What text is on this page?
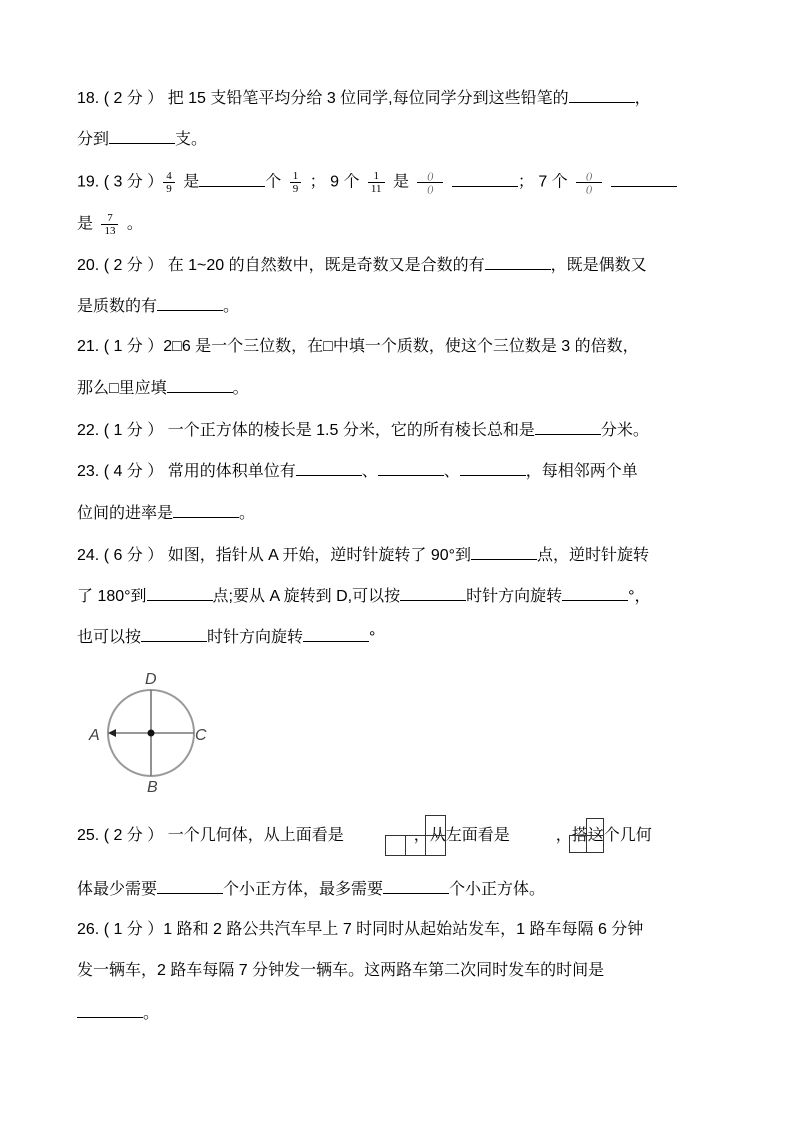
18. ( 2 分 ） 把 15 支铅笔平均分给 3 位同学,每位同学分到这些铅笔的	，
分到	支。
19. ( 3 分 ） $\frac{4}{9}$ 是	个 $\frac{1}{9}$ ； 9 个 $\frac{1}{11}$ 是 $\frac{()}{()}$	； 7 个 $\frac{()}{()}$

是 $\frac{7}{13}$ 。
20. ( 2 分 ） 在 1~20 的自然数中，既是奇数又是合数的有	，既是偶数又
是质数的有	。
21. ( 1 分 ）2□6 是一个三位数，在□中填一个质数，使这个三位数是 3 的倍数，
那么□里应填	。
22. ( 1 分 ） 一个正方体的棱长是 1.5 分米，它的所有棱长总和是	分米。
23. ( 4 分 ） 常用的体积单位有	、	、	，每相邻两个单
位间的进率是	。
24. ( 6 分 ） 如图，指针从 A 开始，逆时针旋转了 90°到	点，逆时针旋转
了 180°到	点;要从 A 旋转到 D,可以按	时针方向旋转	°，
也可以按	时针方向旋转	°
D
A	C
B
25. ( 2 分 ） 一个几何体，从上面看是	，从左面看是	，搭这个几何
体最少需要	个小正方体，最多需要	个小正方体。
26. ( 1 分 ）1 路和 2 路公共汽车早上 7 时同时从起始站发车，1 路车每隔 6 分钟
发一辆车，2 路车每隔 7 分钟发一辆车。这两路车第二次同时发车的时间是
。
